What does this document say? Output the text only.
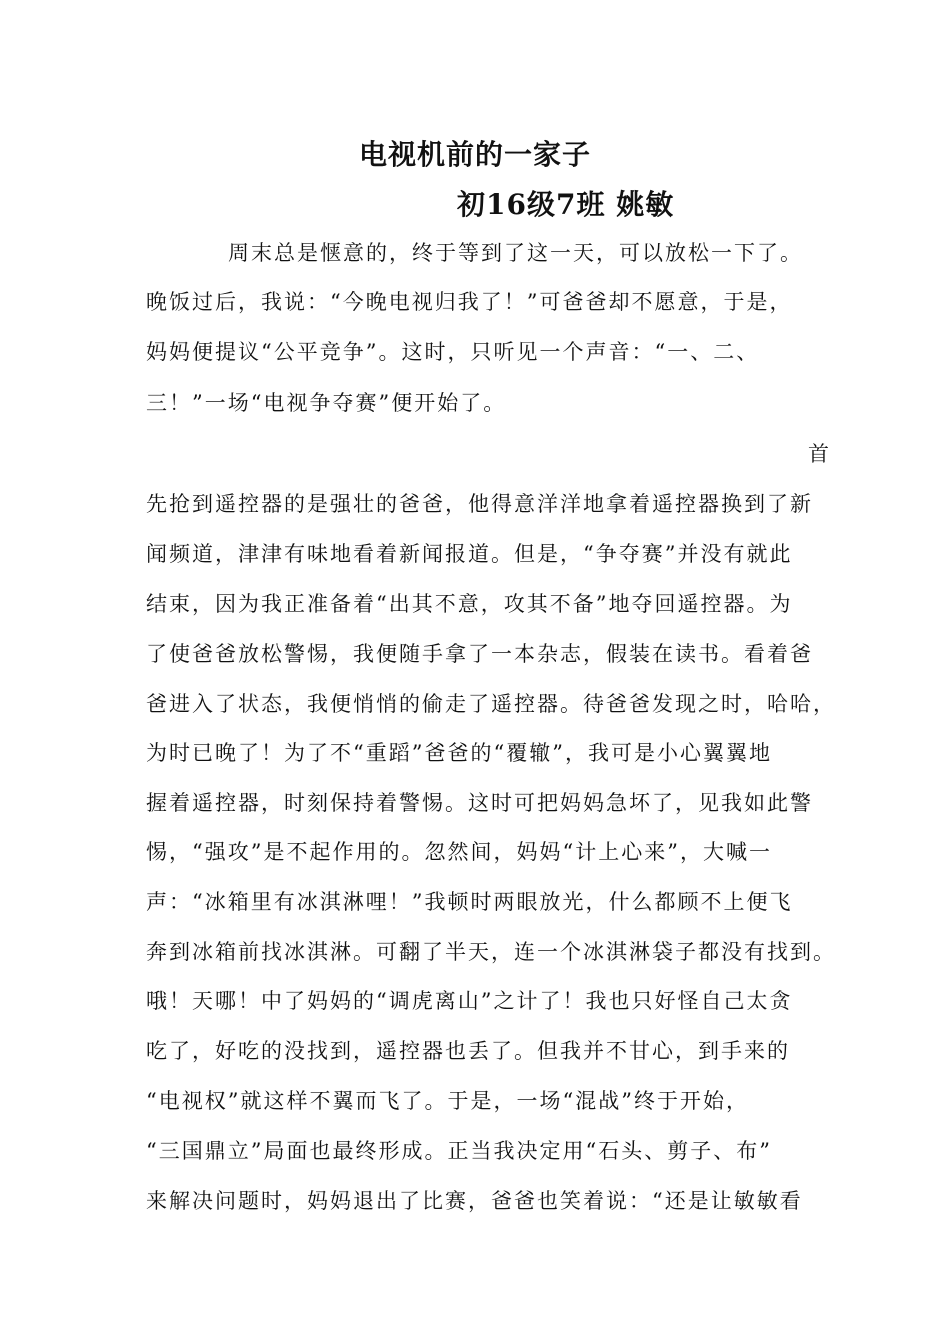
电视机前的一家子
初16级7班 姚敏

周末总是惬意的，终于等到了这一天，可以放松一下了。

晚饭过后，我说：“今晚电视归我了！”可爸爸却不愿意，于是，

妈妈便提议“公平竞争”。这时，只听见一个声音：“一、二、

三！”一场“电视争夺赛”便开始了。

首

先抢到遥控器的是强壮的爸爸，他得意洋洋地拿着遥控器换到了新

闻频道，津津有味地看着新闻报道。但是，“争夺赛”并没有就此

结束，因为我正准备着“出其不意，攻其不备”地夺回遥控器。为

了使爸爸放松警惕，我便随手拿了一本杂志，假装在读书。看着爸

爸进入了状态，我便悄悄的偷走了遥控器。待爸爸发现之时，哈哈，

为时已晚了！为了不“重蹈”爸爸的“覆辙”，我可是小心翼翼地

握着遥控器，时刻保持着警惕。这时可把妈妈急坏了，见我如此警

惕，“强攻”是不起作用的。忽然间，妈妈“计上心来”，大喊一

声：“冰箱里有冰淇淋哩！”我顿时两眼放光，什么都顾不上便飞

奔到冰箱前找冰淇淋。可翻了半天，连一个冰淇淋袋子都没有找到。

哦！天哪！中了妈妈的“调虎离山”之计了！我也只好怪自己太贪

吃了，好吃的没找到，遥控器也丢了。但我并不甘心，到手来的

“电视权”就这样不翼而飞了。于是，一场“混战”终于开始，

“三国鼎立”局面也最终形成。正当我决定用“石头、剪子、布”

来解决问题时，妈妈退出了比赛，爸爸也笑着说：“还是让敏敏看
